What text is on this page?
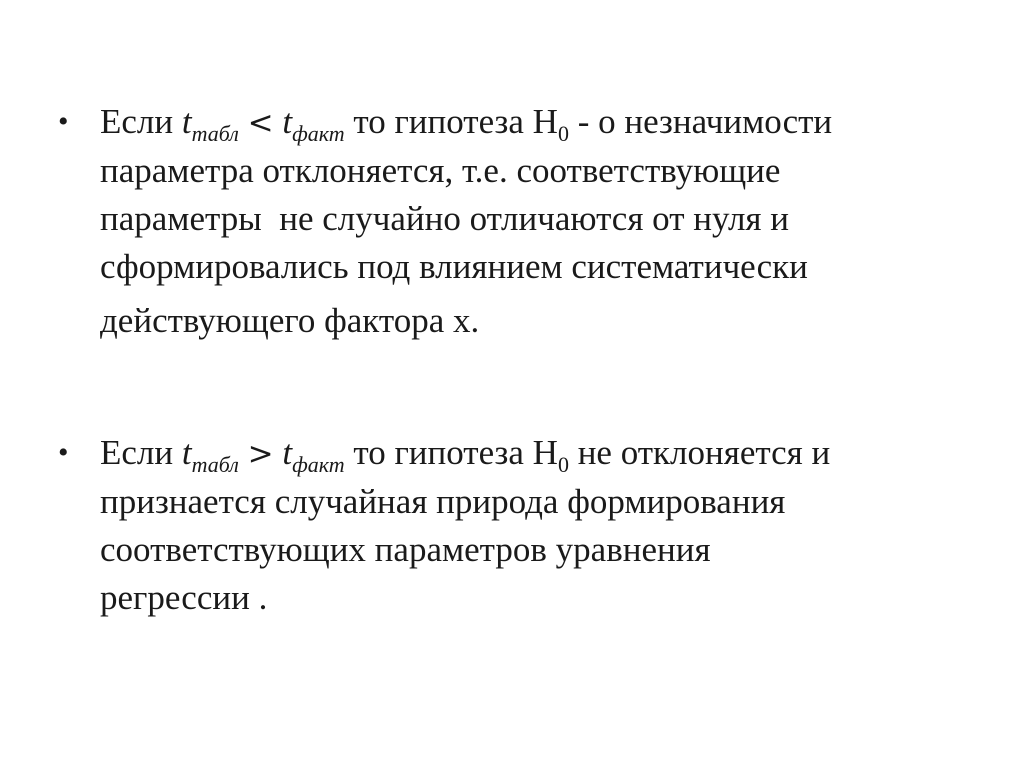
• Если $t_{табл} < t_{факт}$ то гипотеза $Н_0$ - о незначимости
параметра отклоняется, т.е. соответствующие
параметры  не случайно отличаются от нуля и
сформировались под влиянием систематически
действующего фактора х.
• Если $t_{табл} > t_{факт}$ то гипотеза $Н_0$ не отклоняется и
признается случайная природа формирования
соответствующих параметров уравнения
регрессии .
